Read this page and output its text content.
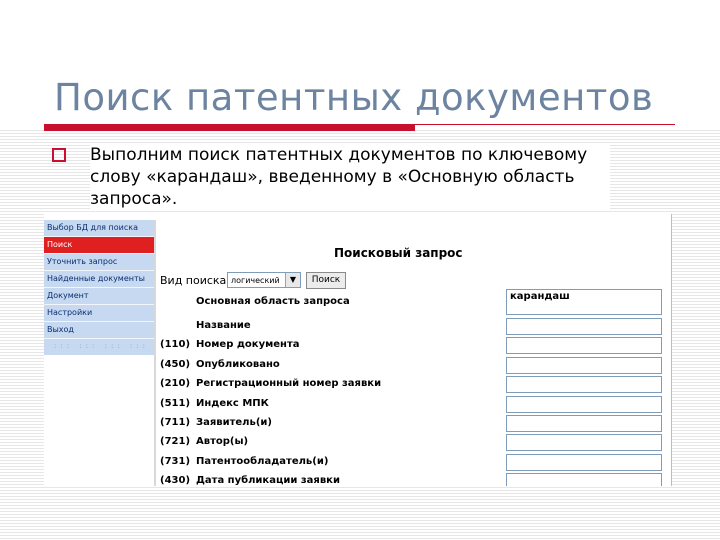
Поиск патентных документов
Выполним поиск патентных документов по ключевому слову «карандаш», введенному в «Основную область запроса».
Выбор БД для поиска
Поиск
Уточнить запрос
Найденные документы
Документ
Настройки
Выход
::: ::: ::: :::
Поисковый запрос
Вид поиска логический	▼	Поиск
Основная область запроса	карандаш
Название
(110) Номер документа
(450) Опубликовано
(210) Регистрационный номер заявки
(511) Индекс МПК
(711) Заявитель(и)
(721) Автор(ы)
(731) Патентообладатель(и)
(430) Дата публикации заявки
